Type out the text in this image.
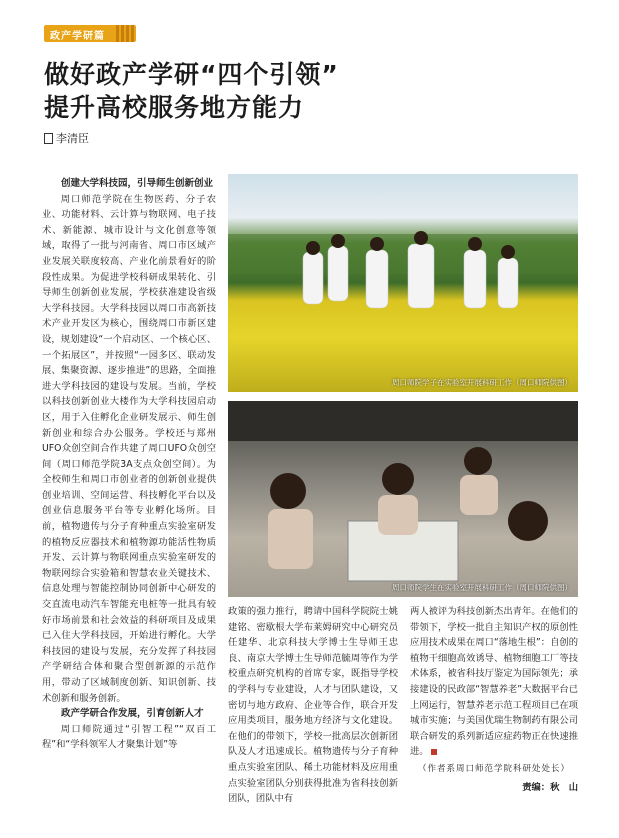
政产学研篇
做好政产学研“四个引领”
提升高校服务地方能力
李清臣
创建大学科技园，引导师生创新创业

周口师范学院在生物医药、分子农业、功能材料、云计算与物联网、电子技术、新能源、城市设计与文化创意等领域，取得了一批与河南省、周口市区域产业发展关联度较高、产业化前景看好的阶段性成果。为促进学校科研成果转化、引导师生创新创业发展，学校获准建设省级大学科技园。大学科技园以周口市高新技术产业开发区为核心，围绕周口市新区建设，规划建设“一个启动区、一个核心区、一个拓展区”，并按照“一园多区、联动发展、集聚资源、逐步推进”的思路，全面推进大学科技园的建设与发展。当前，学校以科技创新创业大楼作为大学科技园启动区，用于入住孵化企业研发展示、师生创新创业和综合办公服务。学校还与郑州UFO众创空间合作共建了周口UFO众创空间（周口师范学院3A支点众创空间）。为全校师生和周口市创业者的创新创业提供创业培训、空间运营、科技孵化平台以及创业信息服务平台等专业孵化场所。目前，植物遗传与分子育种重点实验室研发的植物反应器技术和植物源功能活性物质开发、云计算与物联网重点实验室研发的物联网综合实验箱和智慧农业关键技术、信息处理与智能控制协同创新中心研发的交直流电动汽车智能充电桩等一批具有较好市场前景和社会效益的科研项目及成果已入住大学科技园，开始进行孵化。大学科技园的建设与发展，充分发挥了科技园产学研结合体和聚合型创新源的示范作用，带动了区域制度创新、知识创新、技术创新和服务创新。

政产学研合作发展，引育创新人才

周口师院通过“引智工程”“双百工程”和“学科领军人才聚集计划”等

周口师院学子在实验室开展科研工作（周口师院供图）
周口师院学生在实验室开展科研工作（周口师院供图）

政策的强力推行，聘请中国科学院院士姚建铭、密歇根大学布莱姆研究中心研究员任建华、北京科技大学博士生导师王忠良、南京大学博士生导师范毓周等作为学校重点研究机构的首席专家，既指导学校的学科与专业建设，人才与团队建设，又密切与地方政府、企业等合作，联合开发应用类项目，服务地方经济与文化建设。在他们的带领下，学校一批高层次创新团队及人才迅速成长。植物遗传与分子育种重点实验室团队、稀土功能材料及应用重点实验室团队分别获得批准为省科技创新团队，团队中有

两人被评为科技创新杰出青年。在他们的带领下，学校一批自主知识产权的原创性应用技术成果在周口“落地生根”：自创的植物干细胞高效诱导、植物细胞工厂等技术体系，被省科技厅鉴定为国际领先；承接建设的民政部“智慧养老”大数据平台已上网运行，智慧养老示范工程项目已在项城市实施；与美国优瑞生物制药有限公司联合研发的系列新适应症药物正在快速推进。

（作者系周口师范学院科研处处长）
责编：秋　山
